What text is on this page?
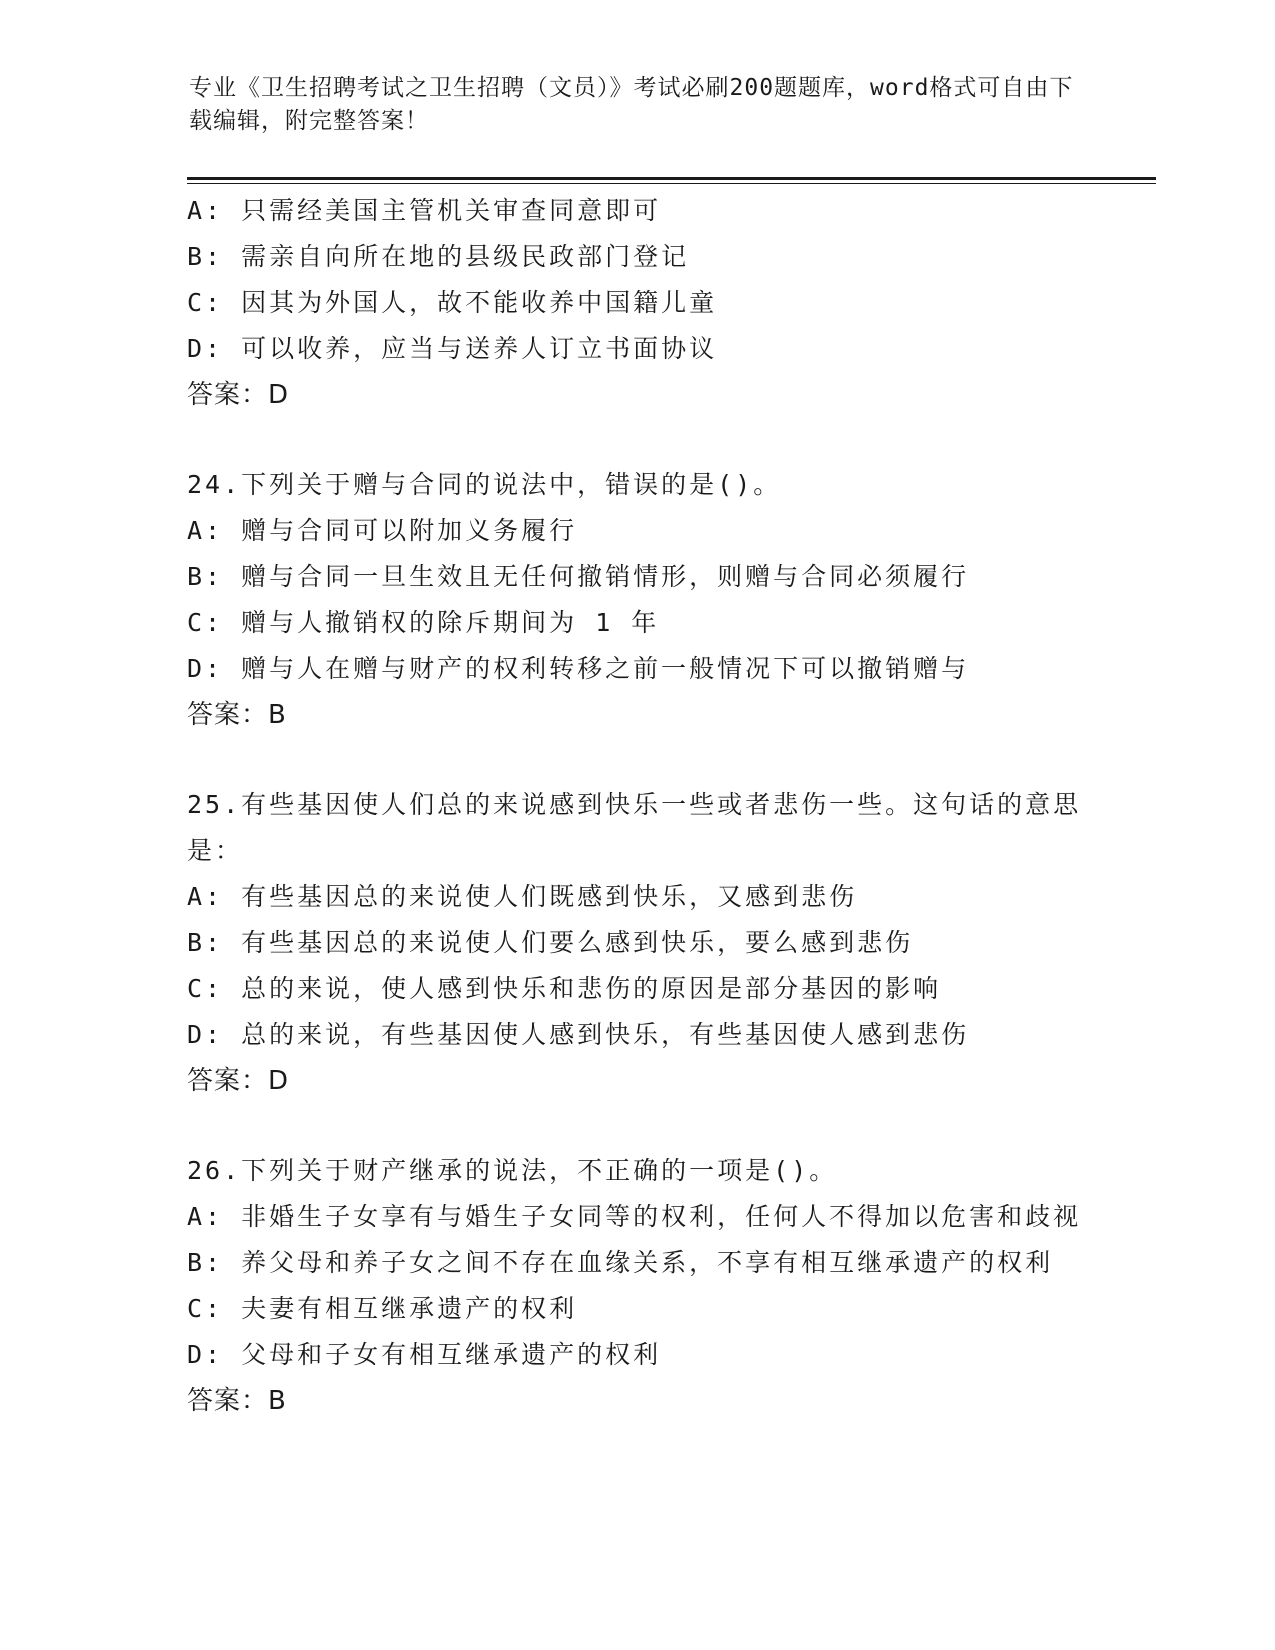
专业《卫生招聘考试之卫生招聘（文员）》考试必刷200题题库，word格式可自由下载编辑，附完整答案！
A: 只需经美国主管机关审查同意即可
B: 需亲自向所在地的县级民政部门登记
C: 因其为外国人，故不能收养中国籍儿童
D: 可以收养，应当与送养人订立书面协议
答案：D
24.下列关于赠与合同的说法中，错误的是()。
A: 赠与合同可以附加义务履行
B: 赠与合同一旦生效且无任何撤销情形，则赠与合同必须履行
C: 赠与人撤销权的除斥期间为 1 年
D: 赠与人在赠与财产的权利转移之前一般情况下可以撤销赠与
答案：B
25.有些基因使人们总的来说感到快乐一些或者悲伤一些。这句话的意思是：
A: 有些基因总的来说使人们既感到快乐，又感到悲伤
B: 有些基因总的来说使人们要么感到快乐，要么感到悲伤
C: 总的来说，使人感到快乐和悲伤的原因是部分基因的影响
D: 总的来说，有些基因使人感到快乐，有些基因使人感到悲伤
答案：D
26.下列关于财产继承的说法，不正确的一项是()。
A: 非婚生子女享有与婚生子女同等的权利，任何人不得加以危害和歧视
B: 养父母和养子女之间不存在血缘关系，不享有相互继承遗产的权利
C: 夫妻有相互继承遗产的权利
D: 父母和子女有相互继承遗产的权利
答案：B
